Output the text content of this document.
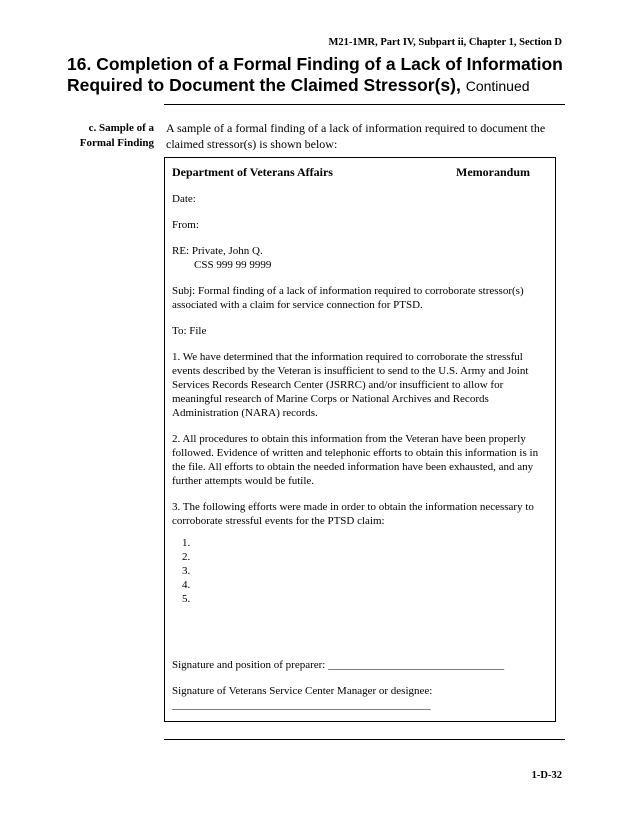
M21-1MR, Part IV, Subpart ii, Chapter 1, Section D
16. Completion of a Formal Finding of a Lack of Information Required to Document the Claimed Stressor(s), Continued
c. Sample of a
Formal Finding
A sample of a formal finding of a lack of information required to document the claimed stressor(s) is shown below:
Department of Veterans Affairs	Memorandum

Date:

From:

RE: Private, John Q.
CSS 999 99 9999

Subj: Formal finding of a lack of information required to corroborate stressor(s) associated with a claim for service connection for PTSD.

To: File

1. We have determined that the information required to corroborate the stressful events described by the Veteran is insufficient to send to the U.S. Army and Joint Services Records Research Center (JSRRC) and/or insufficient to allow for meaningful research of Marine Corps or National Archives and Records Administration (NARA) records.

2. All procedures to obtain this information from the Veteran have been properly followed. Evidence of written and telephonic efforts to obtain this information is in the file. All efforts to obtain the needed information have been exhausted, and any further attempts would be futile.

3. The following efforts were made in order to obtain the information necessary to corroborate stressful events for the PTSD claim:

1.
2.
3.
4.
5.

Signature and position of preparer: ________________________________

Signature of Veterans Service Center Manager or designee:
_______________________________________________

1-D-32
